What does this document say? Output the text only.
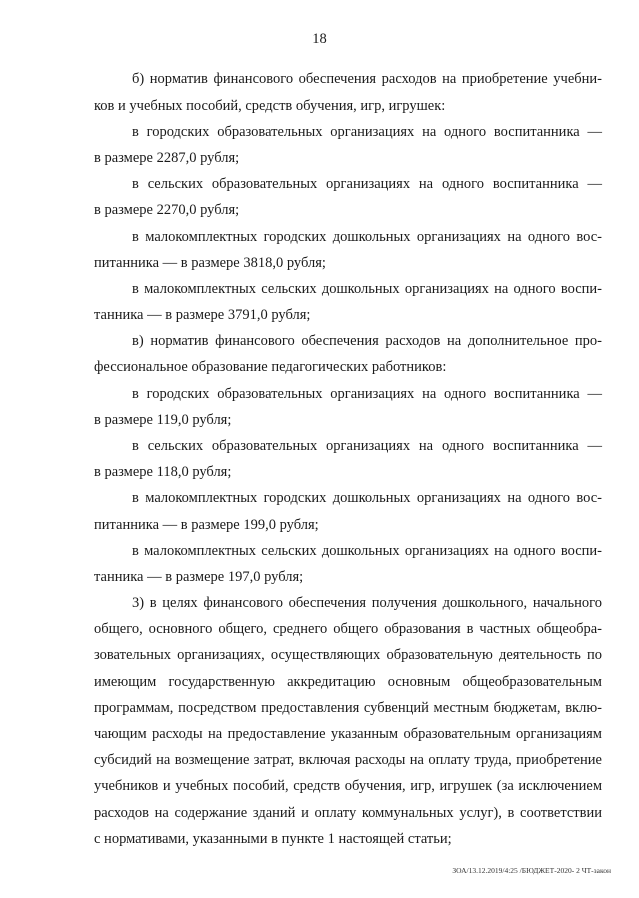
18
б) норматив финансового обеспечения расходов на приобретение учебни-
ков и учебных пособий, средств обучения, игр, игрушек:
в городских образовательных организациях на одного воспитанника —
в размере 2287,0 рубля;
в сельских образовательных организациях на одного воспитанника —
в размере 2270,0 рубля;
в малокомплектных городских дошкольных организациях на одного вос-
питанника — в размере 3818,0 рубля;
в малокомплектных сельских дошкольных организациях на одного воспи-
танника — в размере 3791,0 рубля;
в) норматив финансового обеспечения расходов на дополнительное про-
фессиональное образование педагогических работников:
в городских образовательных организациях на одного воспитанника —
в размере 119,0 рубля;
в сельских образовательных организациях на одного воспитанника —
в размере 118,0 рубля;
в малокомплектных городских дошкольных организациях на одного вос-
питанника — в размере 199,0 рубля;
в малокомплектных сельских дошкольных организациях на одного воспи-
танника — в размере 197,0 рубля;
3) в целях финансового обеспечения получения дошкольного, начального
общего, основного общего, среднего общего образования в частных общеобра-
зовательных организациях, осуществляющих образовательную деятельность по
имеющим государственную аккредитацию основным общеобразовательным
программам, посредством предоставления субвенций местным бюджетам, вклю-
чающим расходы на предоставление указанным образовательным организациям
субсидий на возмещение затрат, включая расходы на оплату труда, приобретение
учебников и учебных пособий, средств обучения, игр, игрушек (за исключением
расходов на содержание зданий и оплату коммунальных услуг), в соответствии
с нормативами, указанными в пункте 1 настоящей статьи;
ЗОА/13.12.2019/4:25 /БЮДЖЕТ-2020- 2 ЧТ-закон
